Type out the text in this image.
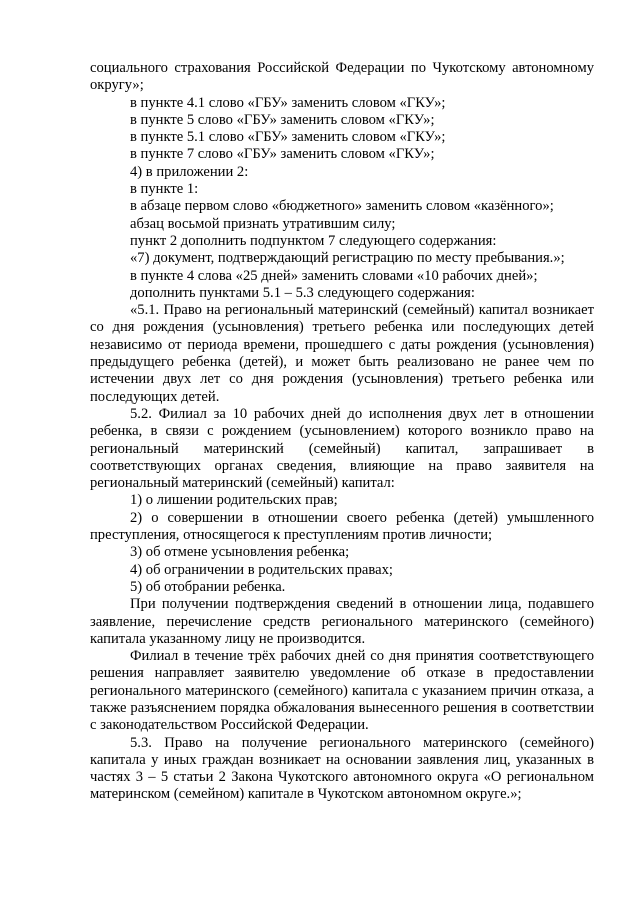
социального страхования Российской Федерации по Чукотскому автономному округу»;

в пункте 4.1 слово «ГБУ» заменить словом «ГКУ»;

в пункте 5 слово «ГБУ» заменить словом «ГКУ»;

в пункте 5.1 слово «ГБУ» заменить словом «ГКУ»;

в пункте 7 слово «ГБУ» заменить словом «ГКУ»;

4) в приложении 2:

в пункте 1:

в абзаце первом слово «бюджетного» заменить словом «казённого»;

абзац восьмой признать утратившим силу;

пункт 2 дополнить подпунктом 7 следующего содержания:

«7) документ, подтверждающий регистрацию по месту пребывания.»;

в пункте 4 слова «25 дней» заменить словами «10 рабочих дней»;

дополнить пунктами 5.1 – 5.3 следующего содержания:

«5.1. Право на региональный материнский (семейный) капитал возникает со дня рождения (усыновления) третьего ребенка или последующих детей независимо от периода времени, прошедшего с даты рождения (усыновления) предыдущего ребенка (детей), и может быть реализовано не ранее чем по истечении двух лет со дня рождения (усыновления) третьего ребенка или последующих детей.

5.2. Филиал за 10 рабочих дней до исполнения двух лет в отношении ребенка, в связи с рождением (усыновлением) которого возникло право на региональный материнский (семейный) капитал, запрашивает в соответствующих органах сведения, влияющие на право заявителя на региональный материнский (семейный) капитал:

1) о лишении родительских прав;

2) о совершении в отношении своего ребенка (детей) умышленного преступления, относящегося к преступлениям против личности;

3) об отмене усыновления ребенка;

4) об ограничении в родительских правах;

5) об отобрании ребенка.

При получении подтверждения сведений в отношении лица, подавшего заявление, перечисление средств регионального материнского (семейного) капитала указанному лицу не производится.

Филиал в течение трёх рабочих дней со дня принятия соответствующего решения направляет заявителю уведомление об отказе в предоставлении регионального материнского (семейного) капитала с указанием причин отказа, а также разъяснением порядка обжалования вынесенного решения в соответствии с законодательством Российской Федерации.

5.3. Право на получение регионального материнского (семейного) капитала у иных граждан возникает на основании заявления лиц, указанных в частях 3 – 5 статьи 2 Закона Чукотского автономного округа «О региональном материнском (семейном) капитале в Чукотском автономном округе.»;
